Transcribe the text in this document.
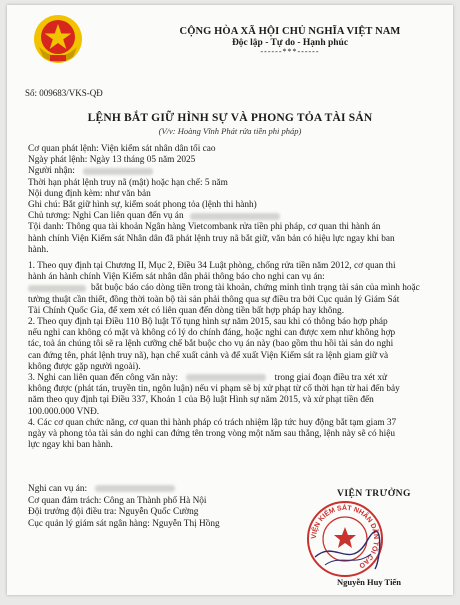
CỘNG HÒA XÃ HỘI CHỦ NGHĨA VIỆT NAM
Độc lập - Tự do - Hạnh phúc
------***------
Số: 009683/VKS-QĐ
LỆNH BẮT GIỮ HÌNH SỰ VÀ PHONG TỎA TÀI SẢN
(V/v: Hoàng Vĩnh Phát rửa tiền phi pháp)
Cơ quan phát lệnh: Viện kiểm sát nhân dân tối cao
Ngày phát lệnh: Ngày 13 tháng 05 năm 2025
Người nhận:
Thời hạn phát lệnh truy nã (mật) hoặc hạn chế: 5 năm
Nội dung định kèm: như văn bản
Ghi chú: Bắt giữ hình sự, kiểm soát phong tỏa (lệnh thi hành)
Chủ tương: Nghi Can liên quan đến vụ án
Tội danh: Thông qua tài khoản Ngân hàng Vietcombank rửa tiền phi pháp, cơ quan thi hành án
hành chính Viện Kiểm sát Nhân dân đã phát lệnh truy nã bắt giữ, văn bản có hiệu lực ngay khi ban
hành.
1. Theo quy định tại Chương II, Mục 2, Điều 34 Luật phòng, chống rửa tiền năm 2012, cơ quan thi
hành án hành chính Viện Kiểm sát nhân dân phải thông báo cho nghi can vụ án:
bắt buộc báo cáo dòng tiền trong tài khoản, chứng minh tình trạng tài sản của mình hoặc
tường thuật cần thiết, đồng thời toàn bộ tài sản phải thông qua sự điều tra bởi Cục quản lý Giám Sát
Tài Chính Quốc Gia, để xem xét có liên quan đến dòng tiền bất hợp pháp hay không.
2. Theo quy định tại Điều 110 Bộ luật Tố tụng hình sự năm 2015, sau khi có thông báo hợp pháp
nếu nghi can không có mặt và không có lý do chính đáng, hoặc nghi can được xem như không hợp
tác, toà án chúng tôi sẽ ra lệnh cưỡng chế bắt buộc cho vụ án này (bao gồm thu hồi tài sản do nghi
can đứng tên, phát lệnh truy nã), hạn chế xuất cảnh và để xuất Viện Kiểm sát ra lệnh giam giữ và
không được gặp người ngoài).
3. Nghi can liên quan đến công văn này:	trong giai đoạn điều tra xét xử
không được (phát tán, truyền tin, ngôn luận) nếu vi phạm sẽ bị xử phạt từ cố thời hạn từ hai đến bảy
năm theo quy định tại Điều 337, Khoản 1 của Bộ luật Hình sự năm 2015, và xử phạt tiền đến
100.000.000 VNĐ.
4. Các cơ quan chức năng, cơ quan thi hành pháp có trách nhiệm lập tức huy động bắt tạm giam 37
ngày và phong tỏa tài sản do nghi can đứng tên trong vòng một năm sau thẳng, lệnh này sẽ có hiệu
lực ngay khi ban hành.
Nghi can vụ án:
Cơ quan đảm trách: Công an Thành phố Hà Nội
Đội trưởng đội điều tra: Nguyễn Quốc Cường
Cục quản lý giám sát ngân hàng: Nguyễn Thị Hồng
VIỆN TRƯỞNG
VIỆN KIỂM SÁT NHÂN DÂN TỐI CAO
Nguyễn Huy Tiến
